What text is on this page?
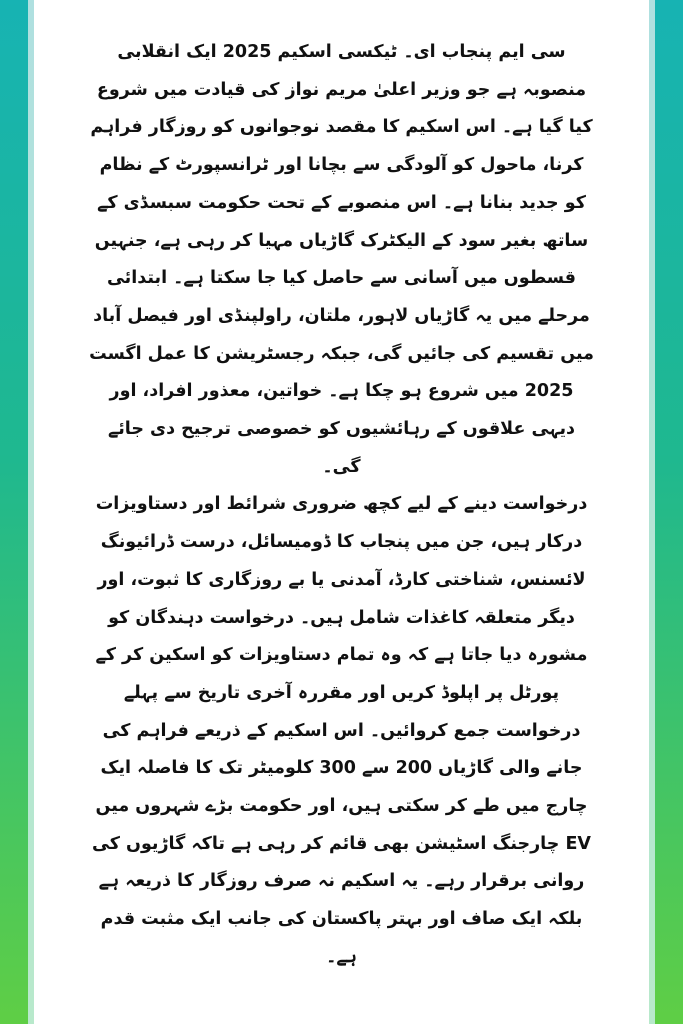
سی ایم پنجاب ای۔ ٹیکسی اسکیم 2025 ایک انقلابی منصوبہ ہے جو وزیر اعلیٰ مریم نواز کی قیادت میں شروع کیا گیا ہے۔ اس اسکیم کا مقصد نوجوانوں کو روزگار فراہم کرنا، ماحول کو آلودگی سے بچانا اور ٹرانسپورٹ کے نظام کو جدید بنانا ہے۔ اس منصوبے کے تحت حکومت سبسڈی کے ساتھ بغیر سود کے الیکٹرک گاڑیاں مہیا کر رہی ہے، جنہیں قسطوں میں آسانی سے حاصل کیا جا سکتا ہے۔ ابتدائی مرحلے میں یہ گاڑیاں لاہور، ملتان، راولپنڈی اور فیصل آباد میں تقسیم کی جائیں گی، جبکہ رجسٹریشن کا عمل اگست 2025 میں شروع ہو چکا ہے۔ خواتین، معذور افراد، اور دیہی علاقوں کے رہائشیوں کو خصوصی ترجیح دی جائے گی۔

درخواست دینے کے لیے کچھ ضروری شرائط اور دستاویزات درکار ہیں، جن میں پنجاب کا ڈومیسائل، درست ڈرائیونگ لائسنس، شناختی کارڈ، آمدنی یا بے روزگاری کا ثبوت، اور دیگر متعلقہ کاغذات شامل ہیں۔ درخواست دہندگان کو مشورہ دیا جاتا ہے کہ وہ تمام دستاویزات کو اسکین کر کے پورٹل پر اپلوڈ کریں اور مقررہ آخری تاریخ سے پہلے درخواست جمع کروائیں۔ اس اسکیم کے ذریعے فراہم کی جانے والی گاڑیاں 200 سے 300 کلومیٹر تک کا فاصلہ ایک چارج میں طے کر سکتی ہیں، اور حکومت بڑے شہروں میں EV چارجنگ اسٹیشن بھی قائم کر رہی ہے تاکہ گاڑیوں کی روانی برقرار رہے۔ یہ اسکیم نہ صرف روزگار کا ذریعہ ہے بلکہ ایک صاف اور بہتر پاکستان کی جانب ایک مثبت قدم ہے۔
